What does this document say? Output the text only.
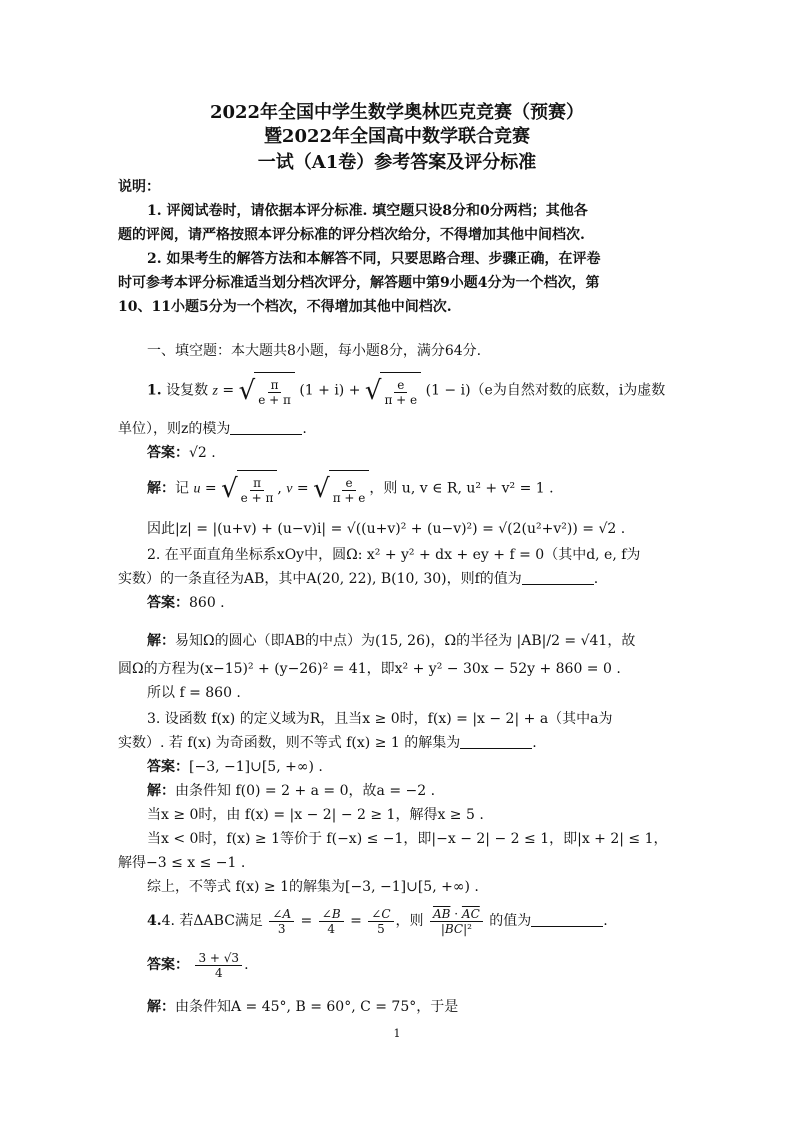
2022年全国中学生数学奥林匹克竞赛（预赛）
暨2022年全国高中数学联合竞赛
一试（A1卷）参考答案及评分标准
说明：
1. 评阅试卷时，请依据本评分标准. 填空题只设8分和0分两档；其他各
题的评阅，请严格按照本评分标准的评分档次给分，不得增加其他中间档次.
2. 如果考生的解答方法和本解答不同，只要思路合理、步骤正确，在评卷
时可参考本评分标准适当划分档次评分，解答题中第9小题4分为一个档次，第
10、11小题5分为一个档次，不得增加其他中间档次.
一、填空题：本大题共8小题，每小题8分，满分64分.
1. 设复数 z = √ $\frac{\pi}{e + \pi} (1 + i)$ + √ $\frac{e}{\pi + e} (1 - i)(e$为自然对数的底数，i为虚数
单位），则z的模为	.
答案：√2 .
解：记 u = √ $\frac{\pi}{e + \pi}$ , v = √ $\frac{e}{\pi + e}$ ，则 u, v ∈ R, u² + v² = 1 .
因此|z| = |(u+v) + (u−v)i| = √((u+v)² + (u−v)²) = √(2(u²+v²)) = √2 .
2. 在平面直角坐标系xOy中，圆Ω: x² + y² + dx + ey + f = 0（其中d, e, f为
实数）的一条直径为AB，其中A(20, 22), B(10, 30)，则f的值为	.
答案：860 .
解：易知Ω的圆心（即AB的中点）为(15, 26)，Ω的半径为 |AB|/2 = √41，故
圆Ω的方程为(x−15)² + (y−26)² = 41，即x² + y² − 30x − 52y + 860 = 0 .
所以 f = 860 .
3. 设函数 f(x) 的定义域为R，且当x ≥ 0时，f(x) = |x − 2| + a（其中a为
实数）. 若 f(x) 为奇函数，则不等式 f(x) ≥ 1 的解集为	.
答案：[−3, −1]∪[5, +∞) .
解：由条件知 f(0) = 2 + a = 0，故a = −2 .
当x ≥ 0时，由 f(x) = |x − 2| − 2 ≥ 1，解得x ≥ 5 .
当x < 0时，f(x) ≥ 1等价于 f(−x) ≤ −1，即|−x − 2| − 2 ≤ 1，即|x + 2| ≤ 1，
解得−3 ≤ x ≤ −1 .
综上，不等式 f(x) ≥ 1的解集为[−3, −1]∪[5, +∞) .
4.4. 若ΔABC满足 $\frac{\angle A}{3} = \frac{\angle B}{4} = \frac{\angle C}{5}$ ，则 $\frac{\overline{AB} \cdot \overline{AC}}{\text{|BC|²}}$ 的值为	.
答案： $\frac{3 + √3}{4}$ .
解：由条件知A = 45°, B = 60°, C = 75°，于是
1
